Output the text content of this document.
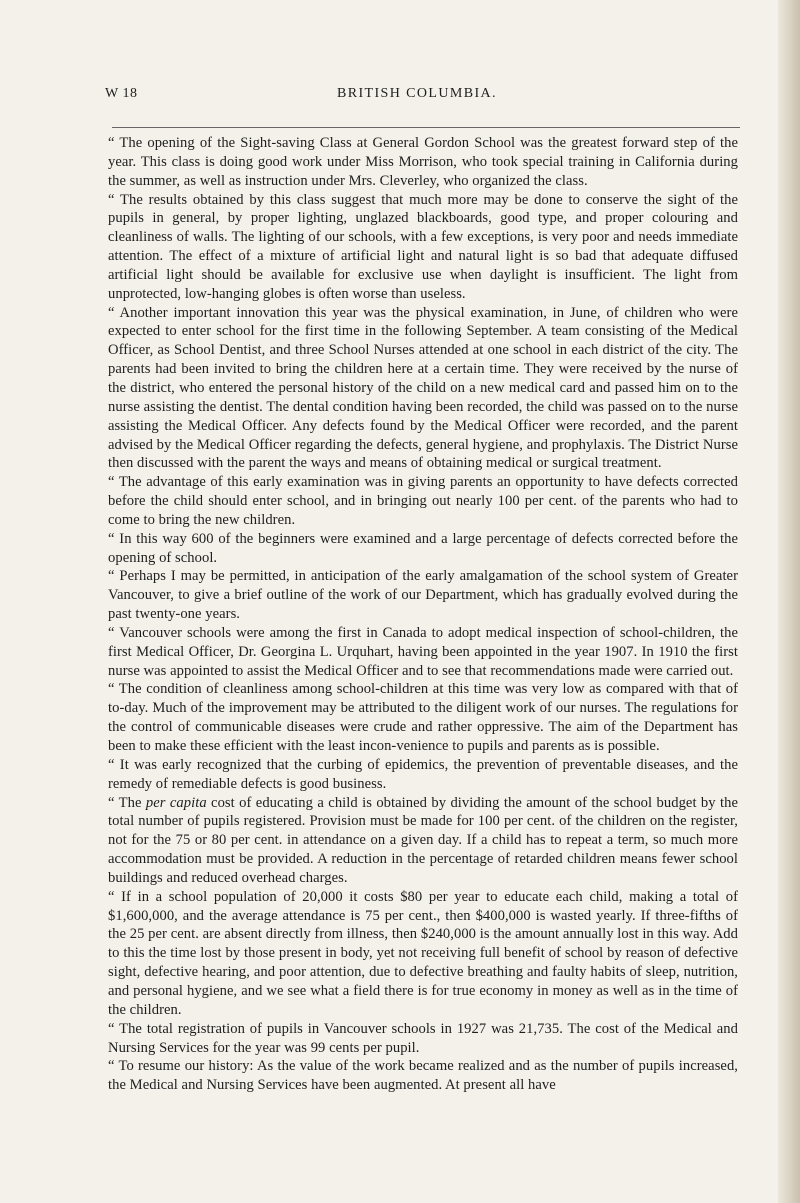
W 18	BRITISH COLUMBIA.

“ The opening of the Sight-saving Class at General Gordon School was the greatest forward step of the year. This class is doing good work under Miss Morrison, who took special training in California during the summer, as well as instruction under Mrs. Cleverley, who organized the class.

“ The results obtained by this class suggest that much more may be done to conserve the sight of the pupils in general, by proper lighting, unglazed blackboards, good type, and proper colouring and cleanliness of walls. The lighting of our schools, with a few exceptions, is very poor and needs immediate attention. The effect of a mixture of artificial light and natural light is so bad that adequate diffused artificial light should be available for exclusive use when daylight is insufficient. The light from unprotected, low-hanging globes is often worse than useless.

“ Another important innovation this year was the physical examination, in June, of children who were expected to enter school for the first time in the following September. A team consisting of the Medical Officer, as School Dentist, and three School Nurses attended at one school in each district of the city. The parents had been invited to bring the children here at a certain time. They were received by the nurse of the district, who entered the personal history of the child on a new medical card and passed him on to the nurse assisting the dentist. The dental condition having been recorded, the child was passed on to the nurse assisting the Medical Officer. Any defects found by the Medical Officer were recorded, and the parent advised by the Medical Officer regarding the defects, general hygiene, and prophylaxis. The District Nurse then discussed with the parent the ways and means of obtaining medical or surgical treatment.

“ The advantage of this early examination was in giving parents an opportunity to have defects corrected before the child should enter school, and in bringing out nearly 100 per cent. of the parents who had to come to bring the new children.

“ In this way 600 of the beginners were examined and a large percentage of defects corrected before the opening of school.

“ Perhaps I may be permitted, in anticipation of the early amalgamation of the school system of Greater Vancouver, to give a brief outline of the work of our Department, which has gradually evolved during the past twenty-one years.

“ Vancouver schools were among the first in Canada to adopt medical inspection of school-children, the first Medical Officer, Dr. Georgina L. Urquhart, having been appointed in the year 1907. In 1910 the first nurse was appointed to assist the Medical Officer and to see that recommendations made were carried out.

“ The condition of cleanliness among school-children at this time was very low as compared with that of to-day. Much of the improvement may be attributed to the diligent work of our nurses. The regulations for the control of communicable diseases were crude and rather oppressive. The aim of the Department has been to make these efficient with the least incon-venience to pupils and parents as is possible.

“ It was early recognized that the curbing of epidemics, the prevention of preventable diseases, and the remedy of remediable defects is good business.

“ The per capita cost of educating a child is obtained by dividing the amount of the school budget by the total number of pupils registered. Provision must be made for 100 per cent. of the children on the register, not for the 75 or 80 per cent. in attendance on a given day. If a child has to repeat a term, so much more accommodation must be provided. A reduction in the percentage of retarded children means fewer school buildings and reduced overhead charges.

“ If in a school population of 20,000 it costs $80 per year to educate each child, making a total of $1,600,000, and the average attendance is 75 per cent., then $400,000 is wasted yearly. If three-fifths of the 25 per cent. are absent directly from illness, then $240,000 is the amount annually lost in this way. Add to this the time lost by those present in body, yet not receiving full benefit of school by reason of defective sight, defective hearing, and poor attention, due to defective breathing and faulty habits of sleep, nutrition, and personal hygiene, and we see what a field there is for true economy in money as well as in the time of the children.

“ The total registration of pupils in Vancouver schools in 1927 was 21,735. The cost of the Medical and Nursing Services for the year was 99 cents per pupil.

“ To resume our history: As the value of the work became realized and as the number of pupils increased, the Medical and Nursing Services have been augmented. At present all have
